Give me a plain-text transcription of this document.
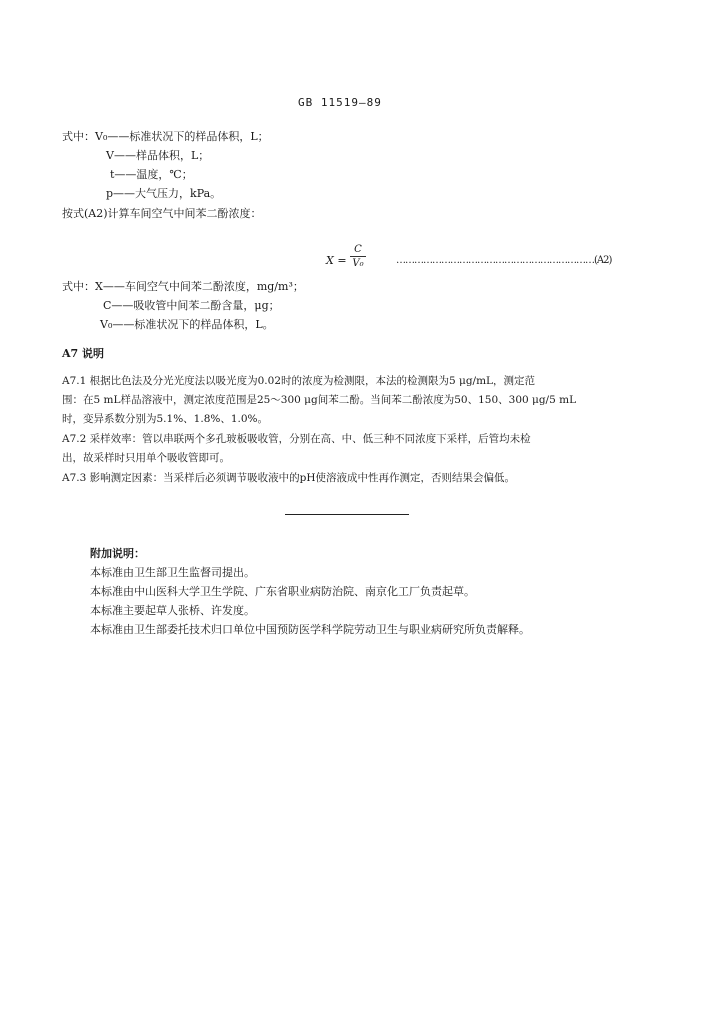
GB 11519—89
式中：V₀——标准状况下的样品体积，L；
V——样品体积，L；
t——温度，℃；
p——大气压力，kPa。
按式(A2)计算车间空气中间苯二酚浓度：
X =
C
V₀	…………………………………………………………(A2)
式中：X——车间空气中间苯二酚浓度，mg/m³；
C——吸收管中间苯二酚含量，μg；
V₀——标准状况下的样品体积，L。
A7 说明
A7.1 根据比色法及分光光度法以吸光度为0.02时的浓度为检测限，本法的检测限为5 μg/mL，测定范
围：在5 mL样品溶液中，测定浓度范围是25～300 μg间苯二酚。当间苯二酚浓度为50、150、300 μg/5 mL
时，变异系数分别为5.1%、1.8%、1.0%。
A7.2 采样效率：管以串联两个多孔玻板吸收管，分别在高、中、低三种不同浓度下采样，后管均未检
出，故采样时只用单个吸收管即可。
A7.3 影响测定因素：当采样后必须调节吸收液中的pH使溶液成中性再作测定，否则结果会偏低。
附加说明：
本标准由卫生部卫生监督司提出。
本标准由中山医科大学卫生学院、广东省职业病防治院、南京化工厂负责起草。
本标准主要起草人张桥、许发度。
本标准由卫生部委托技术归口单位中国预防医学科学院劳动卫生与职业病研究所负责解释。
